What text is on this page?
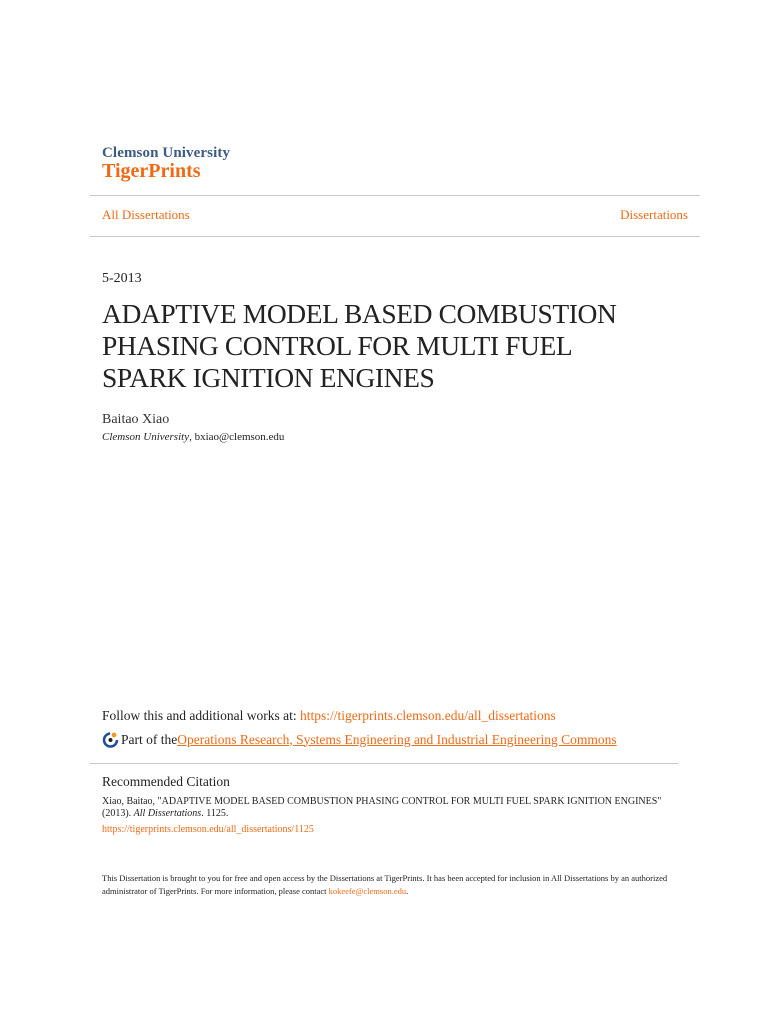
Clemson University
TigerPrints
All Dissertations	Dissertations
5-2013
ADAPTIVE MODEL BASED COMBUSTION
PHASING CONTROL FOR MULTI FUEL
SPARK IGNITION ENGINES
Baitao Xiao
Clemson University, bxiao@clemson.edu
Follow this and additional works at: https://tigerprints.clemson.edu/all_dissertations
Part of the Operations Research, Systems Engineering and Industrial Engineering Commons
Recommended Citation
Xiao, Baitao, "ADAPTIVE MODEL BASED COMBUSTION PHASING CONTROL FOR MULTI FUEL SPARK IGNITION ENGINES" (2013). All Dissertations. 1125.
https://tigerprints.clemson.edu/all_dissertations/1125
This Dissertation is brought to you for free and open access by the Dissertations at TigerPrints. It has been accepted for inclusion in All Dissertations by an authorized administrator of TigerPrints. For more information, please contact kokeefe@clemson.edu.
